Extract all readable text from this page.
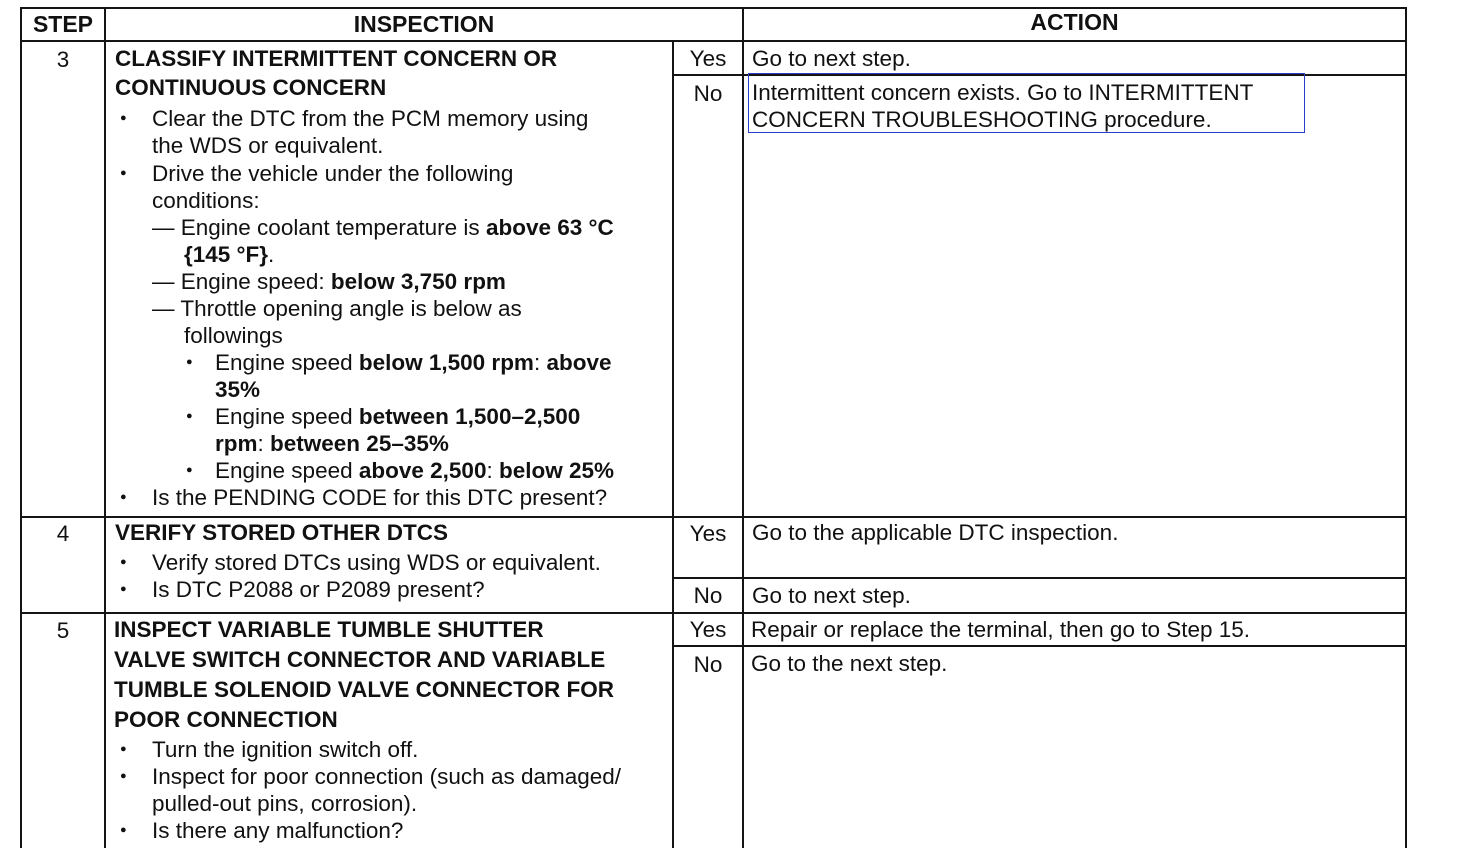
STEP	INSPECTION	ACTION
3	CLASSIFY INTERMITTENT CONCERN OR
CONTINUOUS CONCERN
● Clear the DTC from the PCM memory using
the WDS or equivalent.
● Drive the vehicle under the following
conditions:
— Engine coolant temperature is above 63 °C
{145 °F}.
— Engine speed: below 3,750 rpm
— Throttle opening angle is below as
followings
● Engine speed below 1,500 rpm: above
35%
● Engine speed between 1,500–2,500
rpm: between 25–35%
● Engine speed above 2,500: below 25%
● Is the PENDING CODE for this DTC present?
Yes	Go to next step.
No	Intermittent concern exists. Go to INTERMITTENT
CONCERN TROUBLESHOOTING procedure.
4	VERIFY STORED OTHER DTCS
● Verify stored DTCs using WDS or equivalent.
● Is DTC P2088 or P2089 present?
Yes	Go to the applicable DTC inspection.
No	Go to next step.
5	INSPECT VARIABLE TUMBLE SHUTTER
VALVE SWITCH CONNECTOR AND VARIABLE
TUMBLE SOLENOID VALVE CONNECTOR FOR
POOR CONNECTION
● Turn the ignition switch off.
● Inspect for poor connection (such as damaged/
pulled-out pins, corrosion).
● Is there any malfunction?
Yes	Repair or replace the terminal, then go to Step 15.
No	Go to the next step.
